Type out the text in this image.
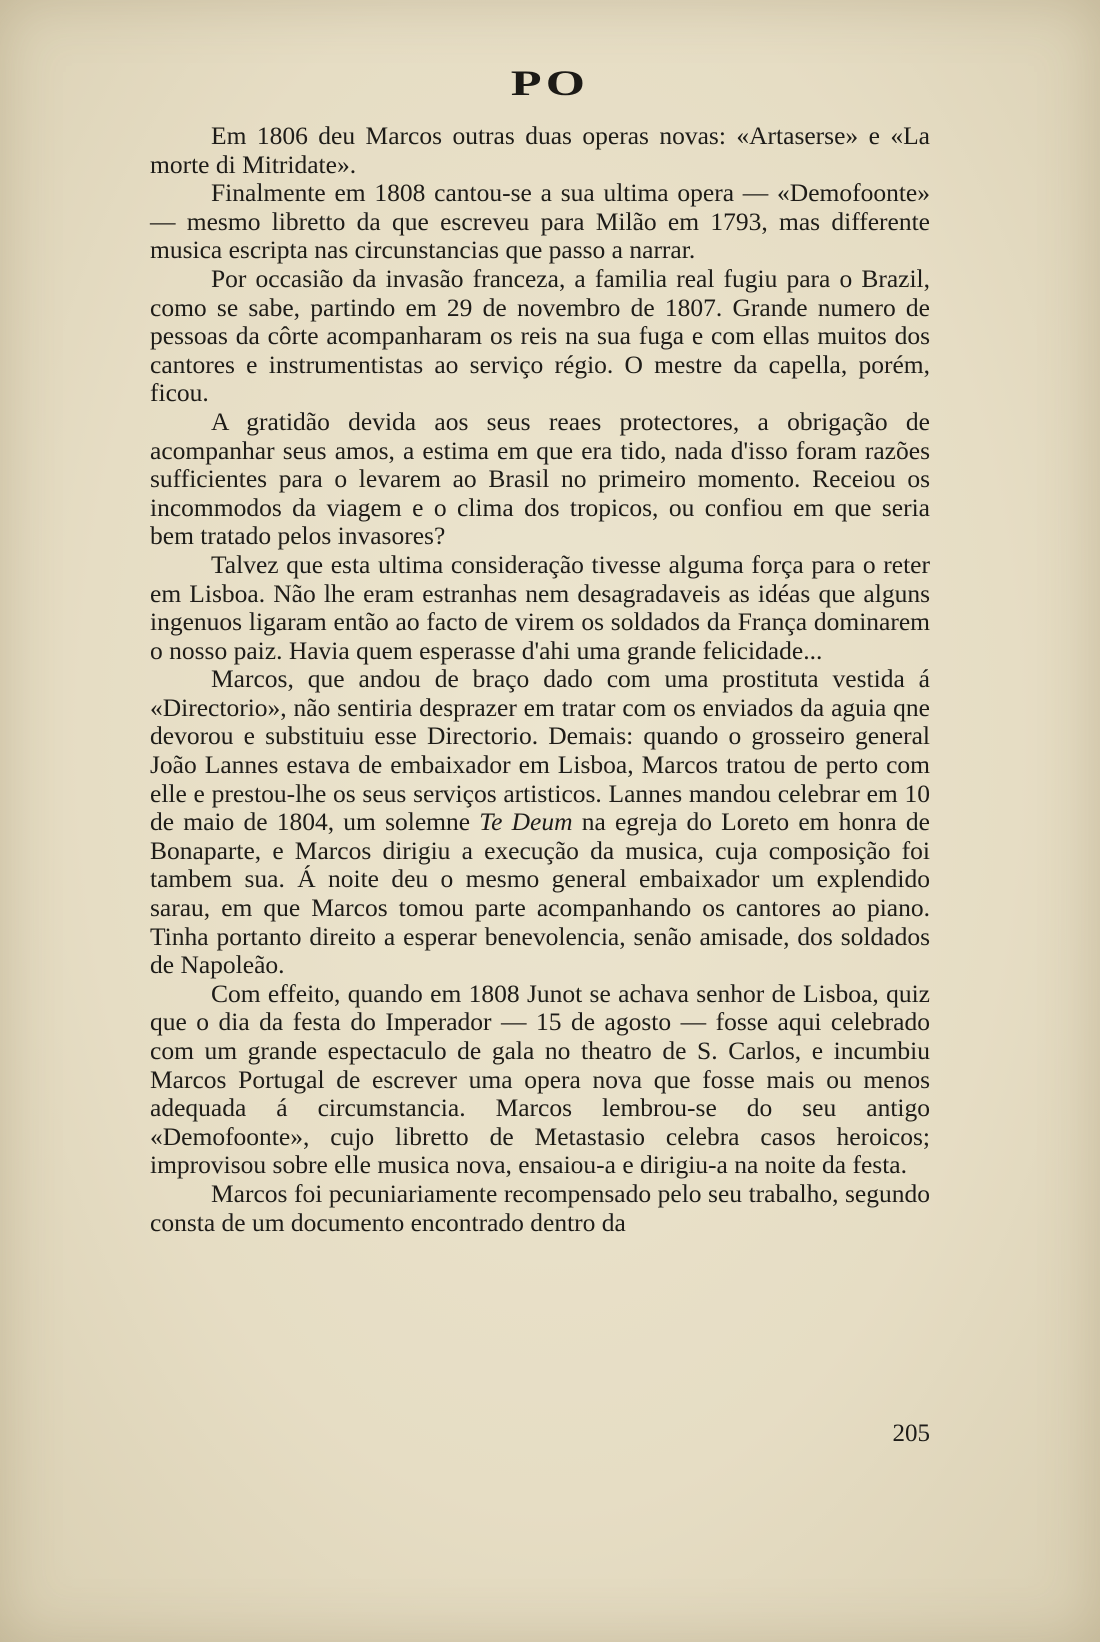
PO

Em 1806 deu Marcos outras duas operas novas: «Artaserse» e «La morte di Mitridate».

Finalmente em 1808 cantou-se a sua ultima opera — «Demofoonte» — mesmo libretto da que escreveu para Milão em 1793, mas differente musica escripta nas circunstancias que passo a narrar.

Por occasião da invasão franceza, a familia real fugiu para o Brazil, como se sabe, partindo em 29 de novembro de 1807. Grande numero de pessoas da côrte acompanharam os reis na sua fuga e com ellas muitos dos cantores e instrumentistas ao serviço régio. O mestre da capella, porém, ficou.

A gratidão devida aos seus reaes protectores, a obrigação de acompanhar seus amos, a estima em que era tido, nada d'isso foram razões sufficientes para o levarem ao Brasil no primeiro momento. Receiou os incommodos da viagem e o clima dos tropicos, ou confiou em que seria bem tratado pelos invasores?

Talvez que esta ultima consideração tivesse alguma força para o reter em Lisboa. Não lhe eram estranhas nem desagradaveis as idéas que alguns ingenuos ligaram então ao facto de virem os soldados da França dominarem o nosso paiz. Havia quem esperasse d'ahi uma grande felicidade...

Marcos, que andou de braço dado com uma prostituta vestida á «Directorio», não sentiria desprazer em tratar com os enviados da aguia qne devorou e substituiu esse Directorio. Demais: quando o grosseiro general João Lannes estava de embaixador em Lisboa, Marcos tratou de perto com elle e prestou-lhe os seus serviços artisticos. Lannes mandou celebrar em 10 de maio de 1804, um solemne Te Deum na egreja do Loreto em honra de Bonaparte, e Marcos dirigiu a execução da musica, cuja composição foi tambem sua. Á noite deu o mesmo general embaixador um explendido sarau, em que Marcos tomou parte acompanhando os cantores ao piano. Tinha portanto direito a esperar benevolencia, senão amisade, dos soldados de Napoleão.

Com effeito, quando em 1808 Junot se achava senhor de Lisboa, quiz que o dia da festa do Imperador — 15 de agosto — fosse aqui celebrado com um grande espectaculo de gala no theatro de S. Carlos, e incumbiu Marcos Portugal de escrever uma opera nova que fosse mais ou menos adequada á circumstancia. Marcos lembrou-se do seu antigo «Demofoonte», cujo libretto de Metastasio celebra casos heroicos; improvisou sobre elle musica nova, ensaiou-a e dirigiu-a na noite da festa.

Marcos foi pecuniariamente recompensado pelo seu trabalho, segundo consta de um documento encontrado dentro da

205
